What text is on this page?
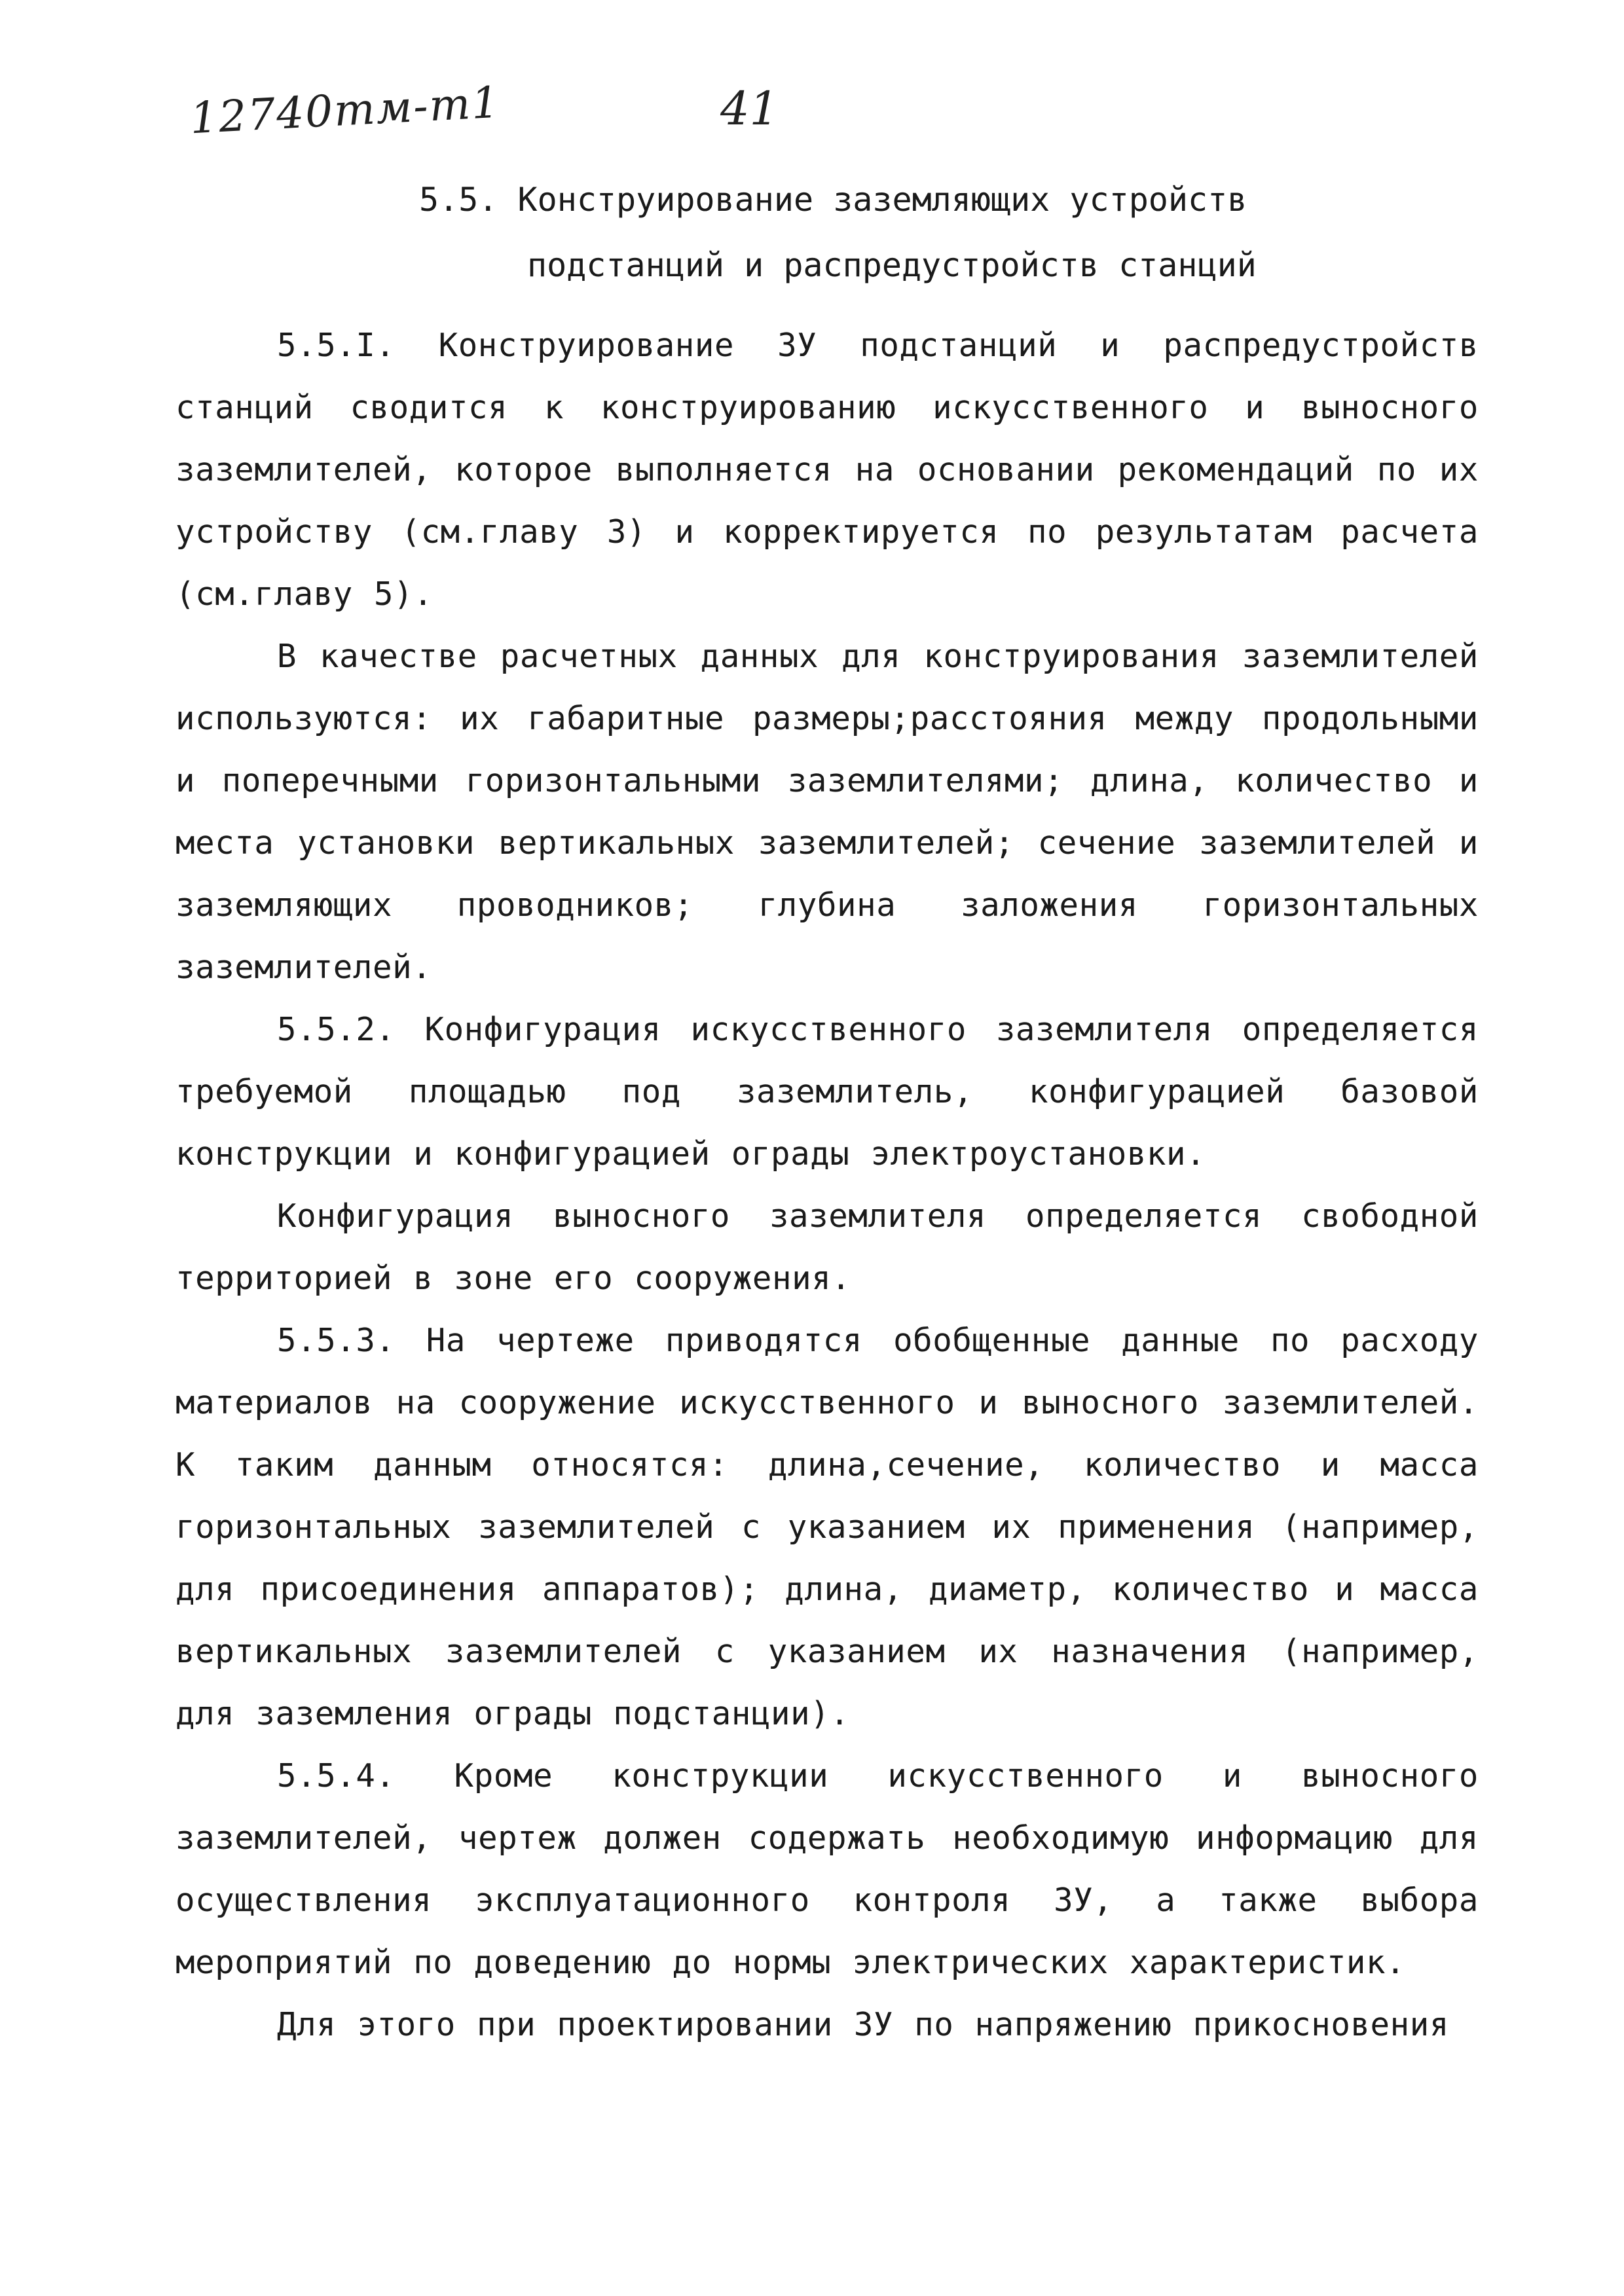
12740тм-т1	41
5.5. Конструирование заземляющих устройств
подстанций и распредустройств станций

5.5.I. Конструирование ЗУ подстанций и распредустройств станций сводится к конструированию искусственного и выносного заземлителей, которое выполняется на основании рекомендаций по их устройству (см.главу 3) и корректируется по результатам расчета (см.главу 5).

В качестве расчетных данных для конструирования заземлителей используются: их габаритные размеры;расстояния между продольными и поперечными горизонтальными заземлителями; длина, количество и места установки вертикальных заземлителей; сечение заземлителей и заземляющих проводников; глубина заложения горизонтальных заземлителей.

5.5.2. Конфигурация искусственного заземлителя определяется требуемой площадью под заземлитель, конфигурацией базовой конструкции и конфигурацией ограды электроустановки.

Конфигурация выносного заземлителя определяется свободной территорией в зоне его сооружения.

5.5.3. На чертеже приводятся обобщенные данные по расходу материалов на сооружение искусственного и выносного заземлителей. К таким данным относятся: длина,сечение, количество и масса горизонтальных заземлителей с указанием их применения (например, для присоединения аппаратов); длина, диаметр, количество и масса вертикальных заземлителей с указанием их назначения (например, для заземления ограды подстанции).

5.5.4. Кроме конструкции искусственного и выносного заземлителей, чертеж должен содержать необходимую информацию для осуществления эксплуатационного контроля ЗУ, а также выбора мероприятий по доведению до нормы электрических характеристик.

Для этого при проектировании ЗУ по напряжению прикосновения
